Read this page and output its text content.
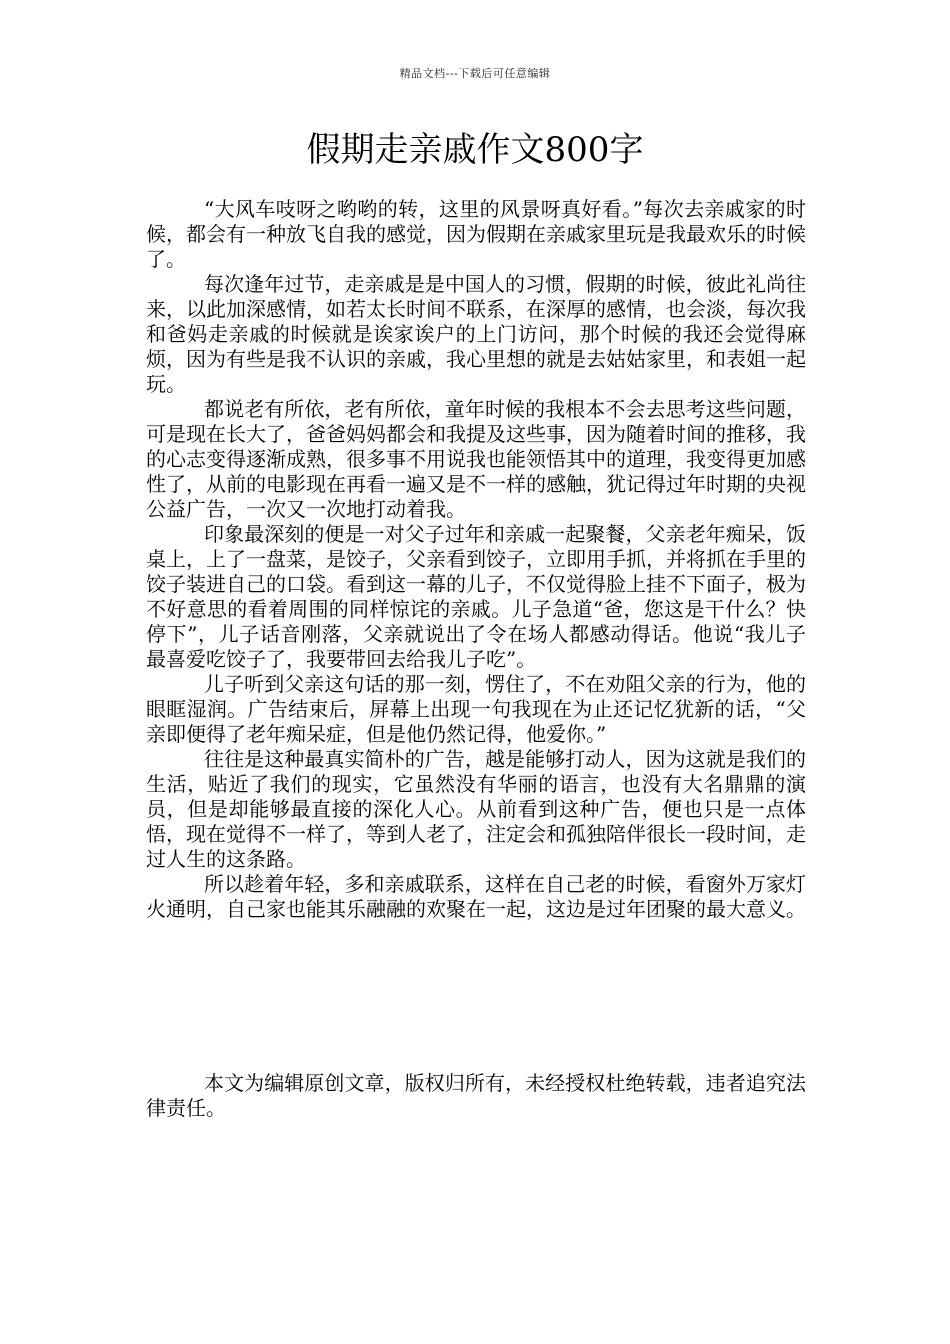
精品文档---下载后可任意编辑
假期走亲戚作文800字

“大风车吱呀之哟哟的转，这里的风景呀真好看。”每次去亲戚家的时候，都会有一种放飞自我的感觉，因为假期在亲戚家里玩是我最欢乐的时候了。

每次逢年过节，走亲戚是是中国人的习惯，假期的时候，彼此礼尚往来，以此加深感情，如若太长时间不联系，在深厚的感情，也会淡，每次我和爸妈走亲戚的时候就是诶家诶户的上门访问，那个时候的我还会觉得麻烦，因为有些是我不认识的亲戚，我心里想的就是去姑姑家里，和表姐一起玩。

都说老有所依，老有所依，童年时候的我根本不会去思考这些问题，可是现在长大了，爸爸妈妈都会和我提及这些事，因为随着时间的推移，我的心志变得逐渐成熟，很多事不用说我也能领悟其中的道理，我变得更加感性了，从前的电影现在再看一遍又是不一样的感触，犹记得过年时期的央视公益广告，一次又一次地打动着我。

印象最深刻的便是一对父子过年和亲戚一起聚餐，父亲老年痴呆，饭桌上，上了一盘菜，是饺子，父亲看到饺子，立即用手抓，并将抓在手里的饺子装进自己的口袋。看到这一幕的儿子，不仅觉得脸上挂不下面子，极为不好意思的看着周围的同样惊诧的亲戚。儿子急道“爸，您这是干什么？快停下”，儿子话音刚落，父亲就说出了令在场人都感动得话。他说“我儿子最喜爱吃饺子了，我要带回去给我儿子吃”。

儿子听到父亲这句话的那一刻，愣住了，不在劝阻父亲的行为，他的眼眶湿润。广告结束后，屏幕上出现一句我现在为止还记忆犹新的话，“父亲即便得了老年痴呆症，但是他仍然记得，他爱你。”

往往是这种最真实简朴的广告，越是能够打动人，因为这就是我们的生活，贴近了我们的现实，它虽然没有华丽的语言，也没有大名鼎鼎的演员，但是却能够最直接的深化人心。从前看到这种广告，便也只是一点体悟，现在觉得不一样了，等到人老了，注定会和孤独陪伴很长一段时间，走过人生的这条路。

所以趁着年轻，多和亲戚联系，这样在自己老的时候，看窗外万家灯火通明，自己家也能其乐融融的欢聚在一起，这边是过年团聚的最大意义。

本文为编辑原创文章，版权归所有，未经授权杜绝转载，违者追究法律责任。
